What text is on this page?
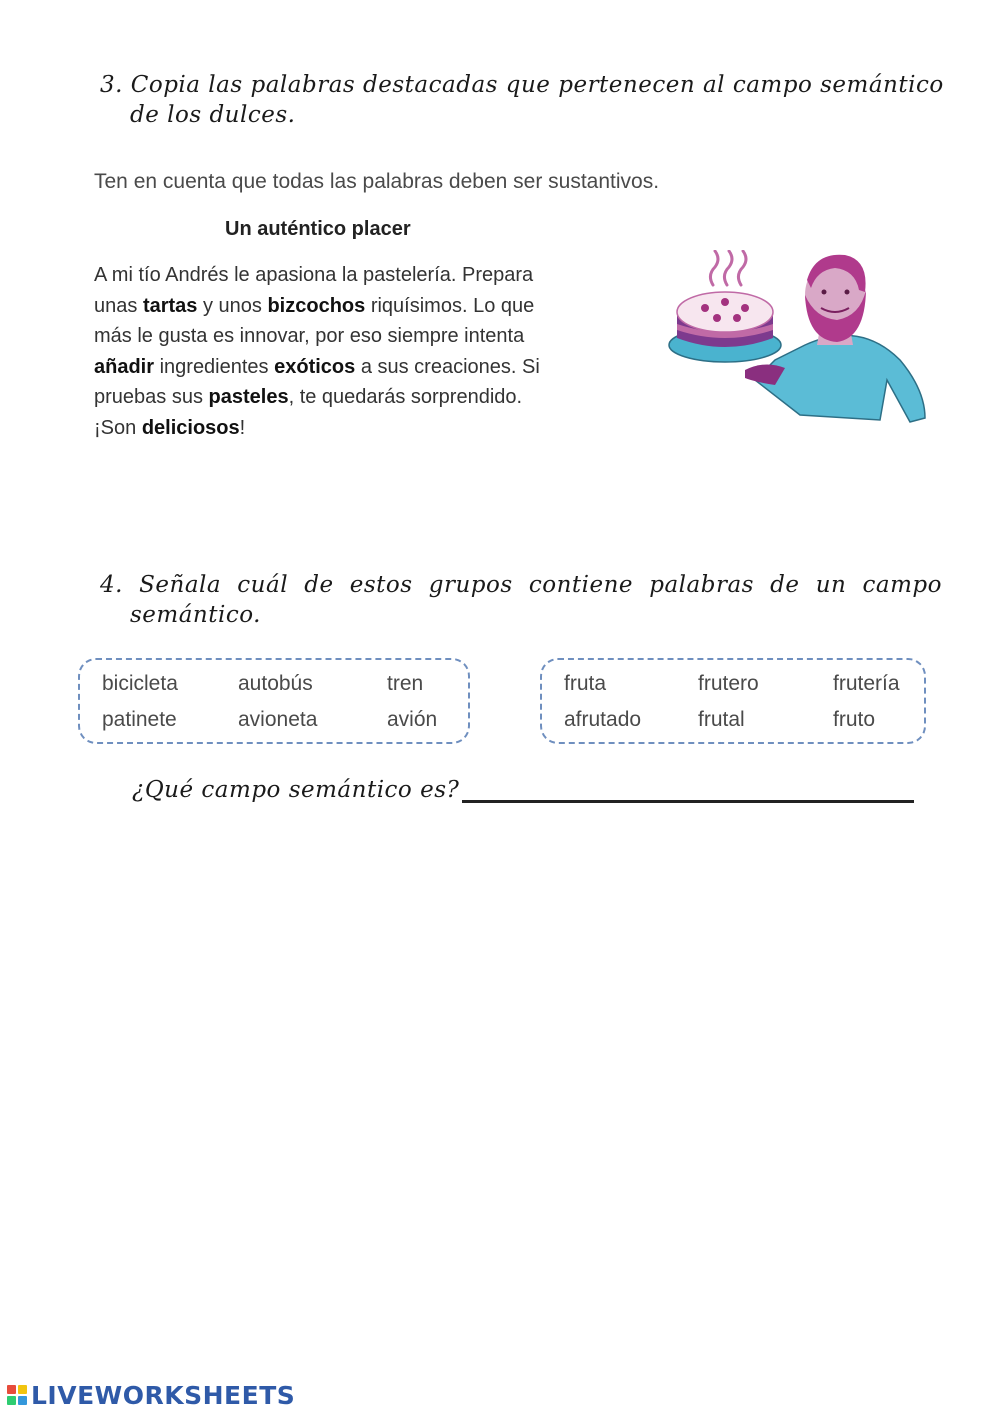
3. Copia las palabras destacadas que pertenecen al campo semántico
de los dulces.
Ten en cuenta que todas las palabras deben ser sustantivos.
Un auténtico placer
A mi tío Andrés le apasiona la pastelería. Prepara
unas tartas y unos bizcochos riquísimos. Lo que
más le gusta es innovar, por eso siempre intenta
añadir ingredientes exóticos a sus creaciones. Si
pruebas sus pasteles, te quedarás sorprendido.
¡Son deliciosos!
4. Señala cuál de estos grupos contiene palabras de un campo
semántico.
bicicleta	autobús	tren
patinete	avioneta	avión
fruta	frutero	frutería
afrutado	frutal	fruto
¿Qué campo semántico es?
LIVEWORKSHEETS
